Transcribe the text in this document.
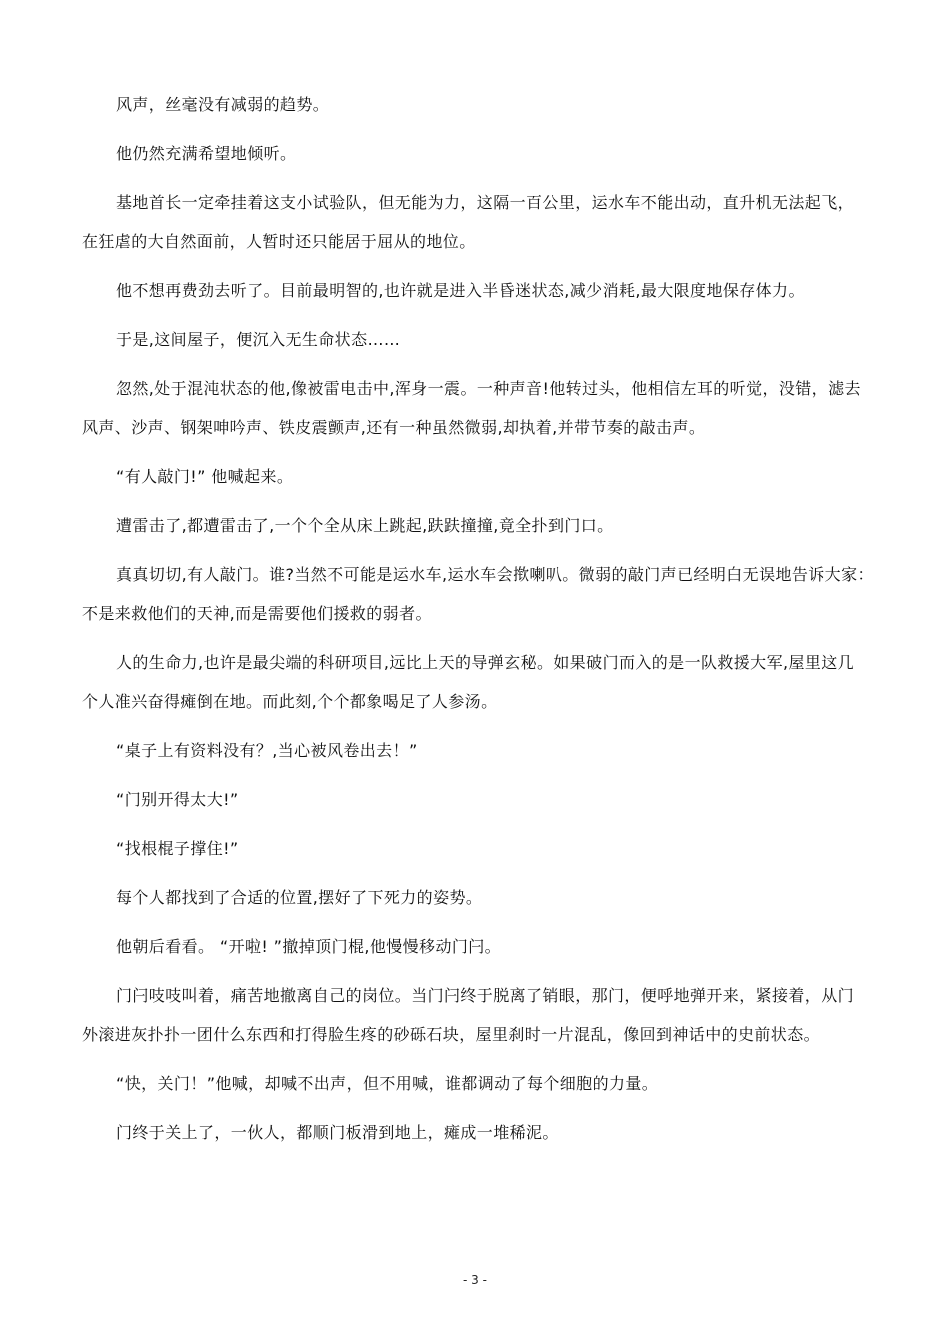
风声，丝毫没有减弱的趋势。
他仍然充满希望地倾听。
基地首长一定牵挂着这支小试验队，但无能为力，这隔一百公里，运水车不能出动，直升机无法起飞，
在狂虐的大自然面前，人暂时还只能居于屈从的地位。
他不想再费劲去听了。目前最明智的,也许就是进入半昏迷状态,减少消耗,最大限度地保存体力。
于是,这间屋子，便沉入无生命状态……
忽然,处于混沌状态的他,像被雷电击中,浑身一震。一种声音!他转过头，他相信左耳的听觉，没错，滤去
风声、沙声、钢架呻吟声、铁皮震颤声,还有一种虽然微弱,却执着,并带节奏的敲击声。
“有人敲门!” 他喊起来。
遭雷击了,都遭雷击了,一个个全从床上跳起,趺趺撞撞,竟全扑到门口。
真真切切,有人敲门。谁?当然不可能是运水车,运水车会揿喇叭。微弱的敲门声已经明白无误地告诉大家：
不是来救他们的天神,而是需要他们援救的弱者。
人的生命力,也许是最尖端的科研项目,远比上天的导弹玄秘。如果破门而入的是一队救援大军,屋里这几
个人准兴奋得瘫倒在地。而此刻,个个都象喝足了人参汤。
“桌子上有资料没有？,当心被风卷出去！”
“门别开得太大!”
“找根棍子撑住!”
每个人都找到了合适的位置,摆好了下死力的姿势。
他朝后看看。 “开啦! ”撤掉顶门棍,他慢慢移动门闩。
门闩吱吱叫着，痛苦地撤离自己的岗位。当门闩终于脱离了销眼，那门，便呼地弹开来，紧接着，从门
外滚进灰扑扑一团什么东西和打得脸生疼的砂砾石块，屋里刹时一片混乱，像回到神话中的史前状态。
“快，关门！”他喊，却喊不出声，但不用喊，谁都调动了每个细胞的力量。
门终于关上了，一伙人，都顺门板滑到地上，瘫成一堆稀泥。
- 3 -
